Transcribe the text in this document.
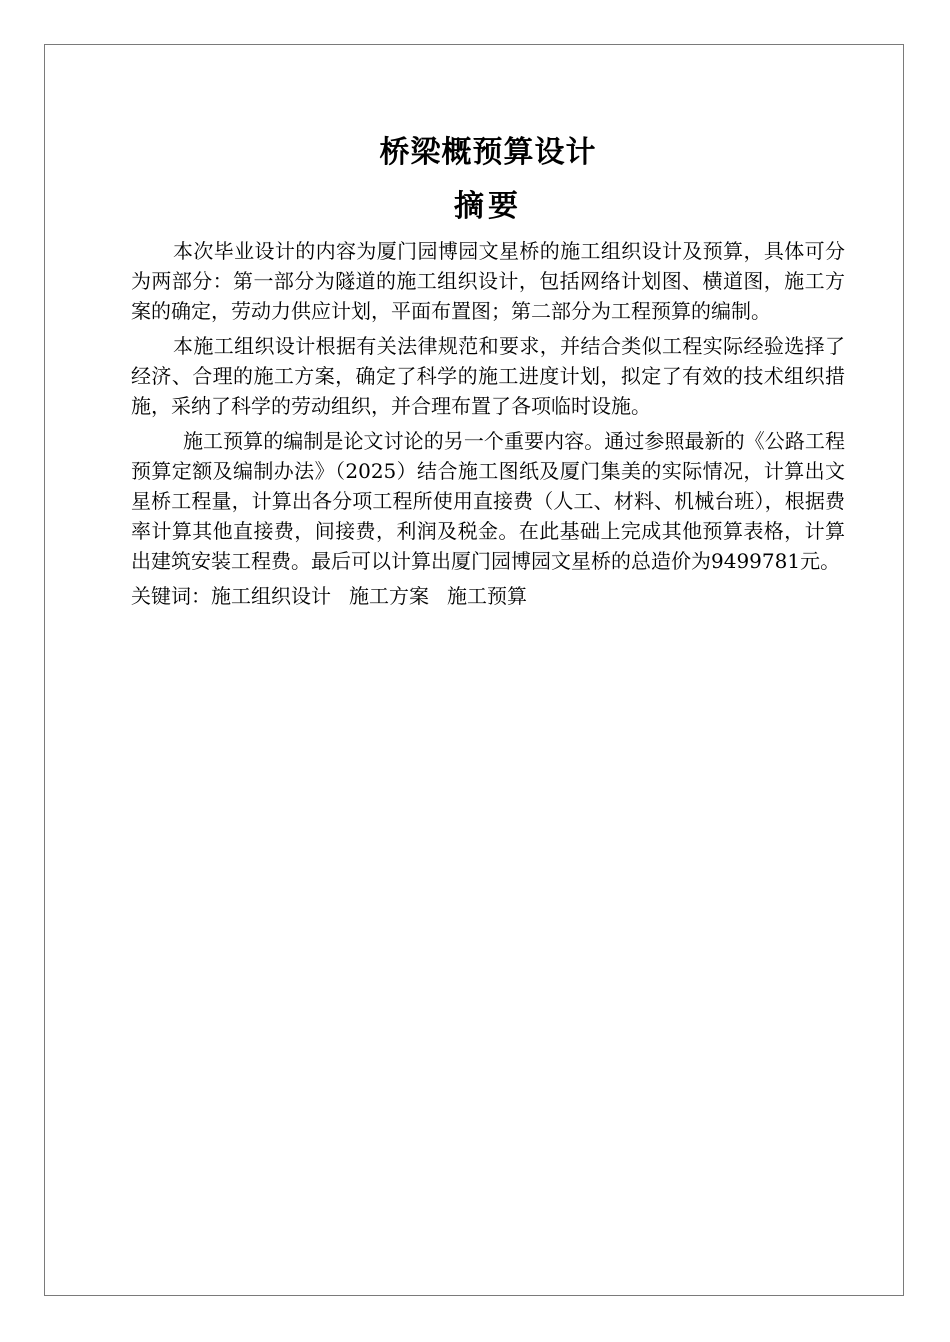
桥梁概预算设计
摘要

本次毕业设计的内容为厦门园博园文星桥的施工组织设计及预算，具体可分为两部分：第一部分为隧道的施工组织设计，包括网络计划图、横道图，施工方案的确定，劳动力供应计划，平面布置图；第二部分为工程预算的编制。

本施工组织设计根据有关法律规范和要求，并结合类似工程实际经验选择了经济、合理的施工方案，确定了科学的施工进度计划，拟定了有效的技术组织措施，采纳了科学的劳动组织，并合理布置了各项临时设施。

施工预算的编制是论文讨论的另一个重要内容。通过参照最新的《公路工程预算定额及编制办法》（2025）结合施工图纸及厦门集美的实际情况，计算出文星桥工程量，计算出各分项工程所使用直接费（人工、材料、机械台班），根据费率计算其他直接费，间接费，利润及税金。在此基础上完成其他预算表格，计算出建筑安装工程费。最后可以计算出厦门园博园文星桥的总造价为9499781元。

关键词：施工组织设计 施工方案 施工预算
